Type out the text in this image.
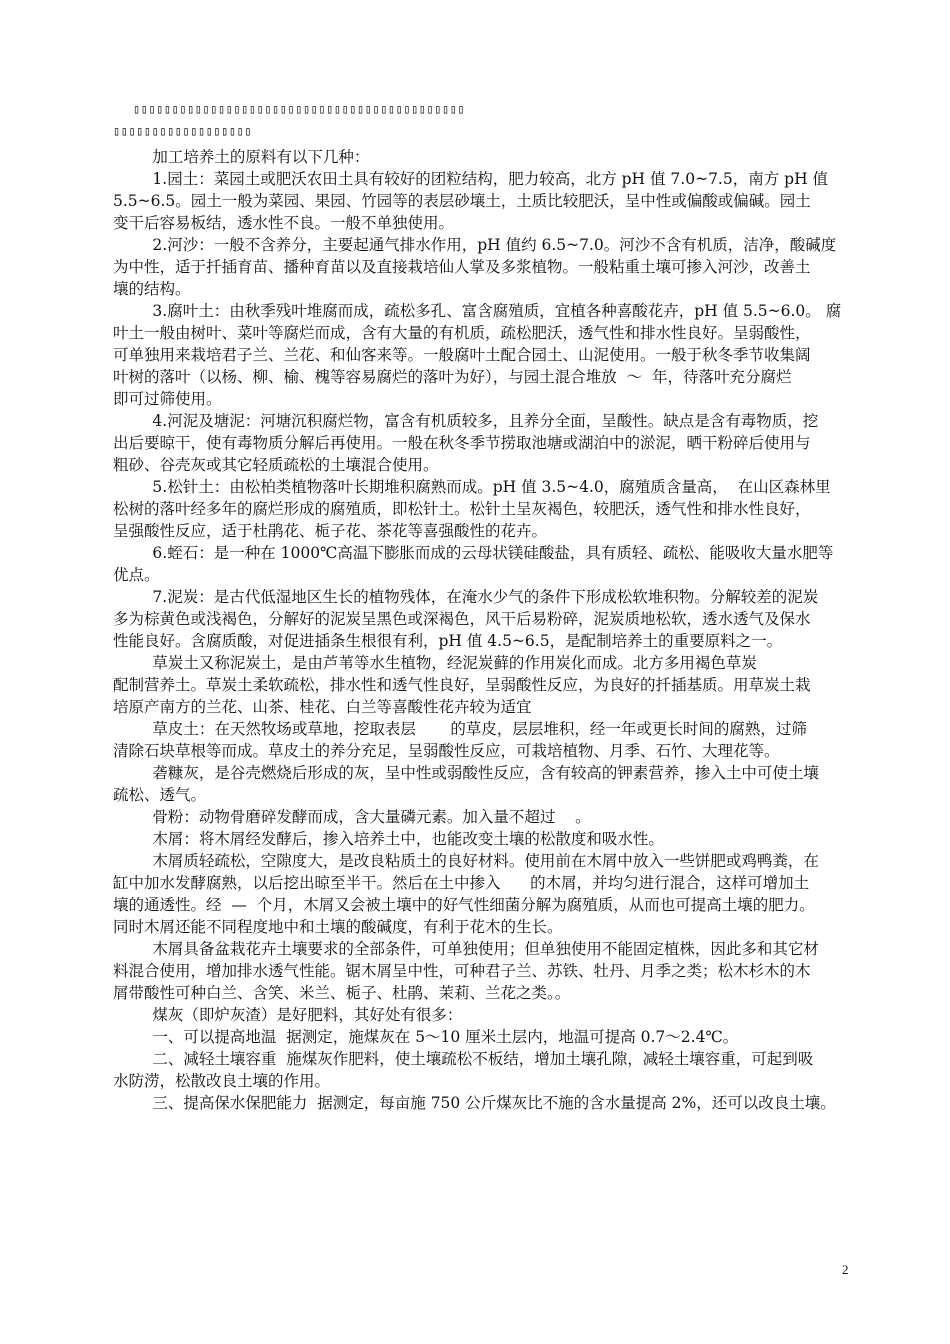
▯▯▯▯▯▯▯▯▯▯▯▯▯▯▯▯▯▯▯▯▯▯▯▯▯▯▯▯▯▯▯▯▯▯▯▯▯▯▯▯▯▯▯
▯▯▯▯▯▯▯▯▯▯▯▯▯▯▯▯▯▯
加工培养土的原料有以下几种：
1.园土：菜园土或肥沃农田土具有较好的团粒结构，肥力较高，北方 pH 值 7.0~7.5，南方 pH 值
5.5~6.5。园土一般为菜园、果园、竹园等的表层砂壤土，土质比较肥沃，呈中性或偏酸或偏碱。园土
变干后容易板结，透水性不良。一般不单独使用。
2.河沙：一般不含养分，主要起通气排水作用，pH 值约 6.5~7.0。河沙不含有机质，洁净，酸碱度
为中性，适于扦插育苗、播种育苗以及直接栽培仙人掌及多浆植物。一般粘重土壤可掺入河沙，改善土
壤的结构。
3.腐叶土：由秋季残叶堆腐而成，疏松多孔、富含腐殖质，宜植各种喜酸花卉，pH 值 5.5~6.0。 腐
叶土一般由树叶、菜叶等腐烂而成，含有大量的有机质，疏松肥沃，透气性和排水性良好。呈弱酸性，
可单独用来栽培君子兰、兰花、和仙客来等。一般腐叶土配合园土、山泥使用。一般于秋冬季节收集阔
叶树的落叶（以杨、柳、榆、槐等容易腐烂的落叶为好），与园土混合堆放  ～  年，待落叶充分腐烂
即可过筛使用。
4.河泥及塘泥：河塘沉积腐烂物，富含有机质较多，且养分全面，呈酸性。缺点是含有毒物质，挖
出后要晾干，使有毒物质分解后再使用。一般在秋冬季节捞取池塘或湖泊中的淤泥，晒干粉碎后使用与
粗砂、谷壳灰或其它轻质疏松的土壤混合使用。
5.松针土：由松柏类植物落叶长期堆积腐熟而成。pH 值 3.5~4.0，腐殖质含量高，  在山区森林里
松树的落叶经多年的腐烂形成的腐殖质，即松针土。松针土呈灰褐色，较肥沃，透气性和排水性良好，
呈强酸性反应，适于杜鹃花、栀子花、茶花等喜强酸性的花卉。
6.蛭石：是一种在 1000℃高温下膨胀而成的云母状镁硅酸盐，具有质轻、疏松、能吸收大量水肥等
优点。
7.泥炭：是古代低湿地区生长的植物残体，在淹水少气的条件下形成松软堆积物。分解较差的泥炭
多为棕黄色或浅褐色，分解好的泥炭呈黑色或深褐色，风干后易粉碎，泥炭质地松软，透水透气及保水
性能良好。含腐质酸，对促进插条生根很有利，pH 值 4.5~6.5，是配制培养土的重要原料之一。
草炭土又称泥炭土，是由芦苇等水生植物，经泥炭藓的作用炭化而成。北方多用褐色草炭
配制营养土。草炭土柔软疏松，排水性和透气性良好，呈弱酸性反应，为良好的扦插基质。用草炭土栽
培原产南方的兰花、山茶、桂花、白兰等喜酸性花卉较为适宜
草皮土：在天然牧场或草地，挖取表层       的草皮，层层堆积，经一年或更长时间的腐熟，过筛
清除石块草根等而成。草皮土的养分充足，呈弱酸性反应，可栽培植物、月季、石竹、大理花等。
砻糠灰，是谷壳燃烧后形成的灰，呈中性或弱酸性反应，含有较高的钾素营养，掺入土中可使土壤
疏松、透气。
骨粉：动物骨磨碎发酵而成，含大量磷元素。加入量不超过    。
木屑：将木屑经发酵后，掺入培养土中，也能改变土壤的松散度和吸水性。
木屑质轻疏松，空隙度大，是改良粘质土的良好材料。使用前在木屑中放入一些饼肥或鸡鸭粪，在
缸中加水发酵腐熟，以后挖出晾至半干。然后在土中掺入      的木屑，并均匀进行混合，这样可增加土
壤的通透性。经  —  个月，木屑又会被土壤中的好气性细菌分解为腐殖质，从而也可提高土壤的肥力。
同时木屑还能不同程度地中和土壤的酸碱度，有利于花木的生长。
木屑具备盆栽花卉土壤要求的全部条件，可单独使用；但单独使用不能固定植株，因此多和其它材
料混合使用，增加排水透气性能。锯木屑呈中性，可种君子兰、苏铁、牡丹、月季之类；松木杉木的木
屑带酸性可种白兰、含笑、米兰、栀子、杜鹃、茉莉、兰花之类。。
煤灰（即炉灰渣）是好肥料，其好处有很多：
一、可以提高地温  据测定，施煤灰在 5～10 厘米土层内，地温可提高 0.7～2.4℃。
二、减轻土壤容重  施煤灰作肥料，使土壤疏松不板结，增加土壤孔隙，减轻土壤容重，可起到吸
水防涝，松散改良土壤的作用。
三、提高保水保肥能力  据测定，每亩施 750 公斤煤灰比不施的含水量提高 2%，还可以改良土壤。
2
